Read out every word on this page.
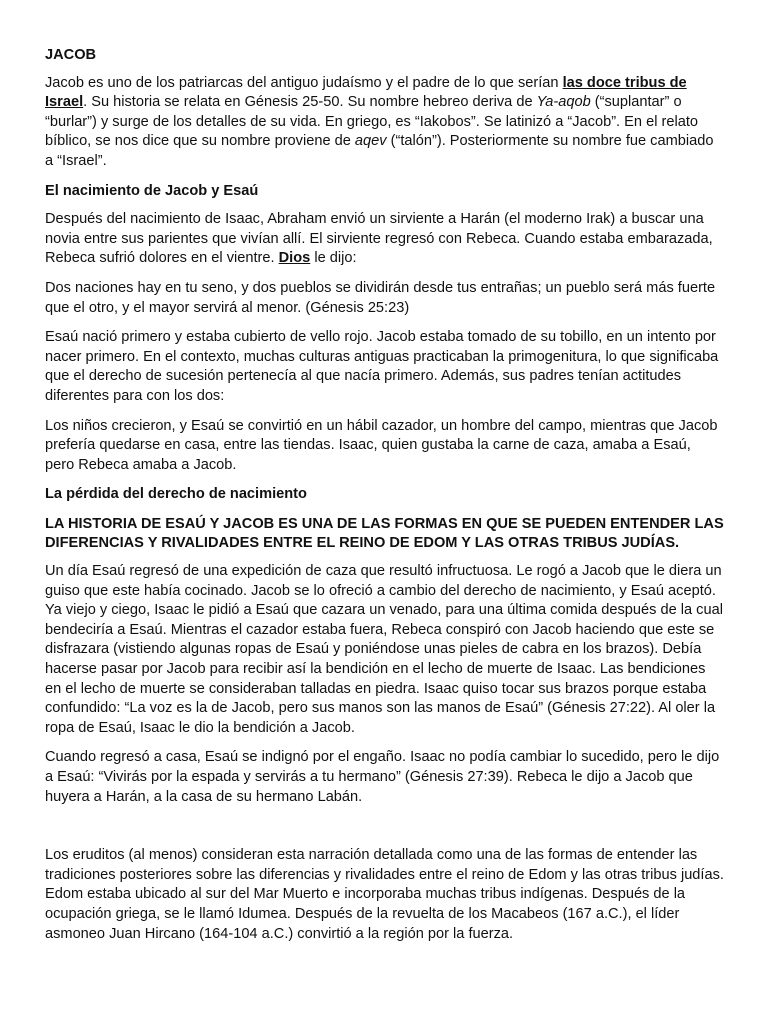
JACOB

Jacob es uno de los patriarcas del antiguo judaísmo y el padre de lo que serían las doce tribus de Israel. Su historia se relata en Génesis 25-50. Su nombre hebreo deriva de Ya-aqob (“suplantar” o “burlar”) y surge de los detalles de su vida. En griego, es “Iakobos”. Se latinizó a “Jacob”. En el relato bíblico, se nos dice que su nombre proviene de aqev (“talón”). Posteriormente su nombre fue cambiado a “Israel”.

El nacimiento de Jacob y Esaú

Después del nacimiento de Isaac, Abraham envió un sirviente a Harán (el moderno Irak) a buscar una novia entre sus parientes que vivían allí. El sirviente regresó con Rebeca. Cuando estaba embarazada, Rebeca sufrió dolores en el vientre. Dios le dijo:

Dos naciones hay en tu seno, y dos pueblos se dividirán desde tus entrañas; un pueblo será más fuerte que el otro, y el mayor servirá al menor. (Génesis 25:23)

Esaú nació primero y estaba cubierto de vello rojo. Jacob estaba tomado de su tobillo, en un intento por nacer primero. En el contexto, muchas culturas antiguas practicaban la primogenitura, lo que significaba que el derecho de sucesión pertenecía al que nacía primero. Además, sus padres tenían actitudes diferentes para con los dos:

Los niños crecieron, y Esaú se convirtió en un hábil cazador, un hombre del campo, mientras que Jacob prefería quedarse en casa, entre las tiendas. Isaac, quien gustaba la carne de caza, amaba a Esaú, pero Rebeca amaba a Jacob.

La pérdida del derecho de nacimiento

LA HISTORIA DE ESAÚ Y JACOB ES UNA DE LAS FORMAS EN QUE SE PUEDEN ENTENDER LAS DIFERENCIAS Y RIVALIDADES ENTRE EL REINO DE EDOM Y LAS OTRAS TRIBUS JUDÍAS.

Un día Esaú regresó de una expedición de caza que resultó infructuosa. Le rogó a Jacob que le diera un guiso que este había cocinado. Jacob se lo ofreció a cambio del derecho de nacimiento, y Esaú aceptó. Ya viejo y ciego, Isaac le pidió a Esaú que cazara un venado, para una última comida después de la cual bendeciría a Esaú. Mientras el cazador estaba fuera, Rebeca conspiró con Jacob haciendo que este se disfrazara (vistiendo algunas ropas de Esaú y poniéndose unas pieles de cabra en los brazos). Debía hacerse pasar por Jacob para recibir así la bendición en el lecho de muerte de Isaac. Las bendiciones en el lecho de muerte se consideraban talladas en piedra. Isaac quiso tocar sus brazos porque estaba confundido: “La voz es la de Jacob, pero sus manos son las manos de Esaú” (Génesis 27:22). Al oler la ropa de Esaú, Isaac le dio la bendición a Jacob.

Cuando regresó a casa, Esaú se indignó por el engaño. Isaac no podía cambiar lo sucedido, pero le dijo a Esaú: “Vivirás por la espada y servirás a tu hermano” (Génesis 27:39). Rebeca le dijo a Jacob que huyera a Harán, a la casa de su hermano Labán.

Los eruditos (al menos) consideran esta narración detallada como una de las formas de entender las tradiciones posteriores sobre las diferencias y rivalidades entre el reino de Edom y las otras tribus judías. Edom estaba ubicado al sur del Mar Muerto e incorporaba muchas tribus indígenas. Después de la ocupación griega, se le llamó Idumea. Después de la revuelta de los Macabeos (167 a.C.), el líder asmoneo Juan Hircano (164-104 a.C.) convirtió a la región por la fuerza.
